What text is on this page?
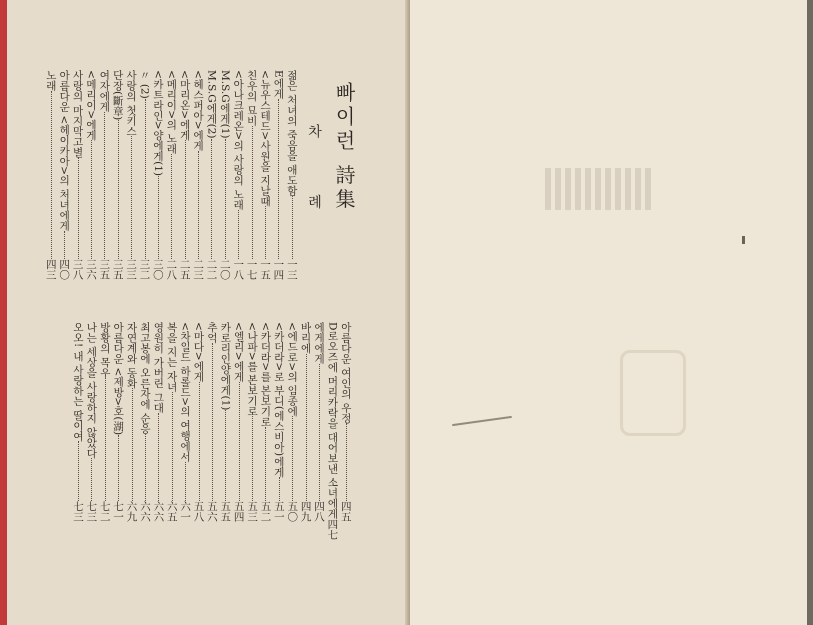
빠이런 詩集
차 례
젊은 처녀의 죽음을 애도함
一三
E에게
一四
<뉴우스테드>사원을 지날때
一五
친우의 묘비
一七
<아나크레온>의 사랑의 노래
一八
M.S.G에게(1)
二〇
M.S.G에게(2)
二二
<헤스퍼아>에게
二三
<마리온>에게
二五
<메리이>의 노래
二八
<카트라인>양에게(1)
三〇
〃 (2)
三二
사랑의 첫키스
三三
단장(斷章)
三五
여자에게
三五
<메리이>에게
三六
사랑의 마지막고별
三八
아름다운 <헤이카아>의 처녀에게
四〇
노래
四三
아름다운 여인의 우정
四五
D로오즈에 머리카락을 대어보낸 소녀에게
四七
에게에게
四八
바리에
四九
<에드로>의 임종에
五〇
<카더라>로 부디(에스비아)에게
五一
<카더라>를 본보기로
五二
<나파>를 본보기로
五三
<엘리>에게
五四
카로리인양에게(1)
五五
추억
五六
<마다>에게
五八
<차일드 하롤드>의 여행에서
六一
복을 지는 자녀
六五
영원히 가버린 그대
六六
최고봉에 오른자에 순응
六六
자연계와 동화
六九
아름다운 <제방>호(湖)
七一
방황의 목우
七二
나는 세상을 사랑하지 않았다
七三
오오! 내 사랑하는 딸이여
七三
